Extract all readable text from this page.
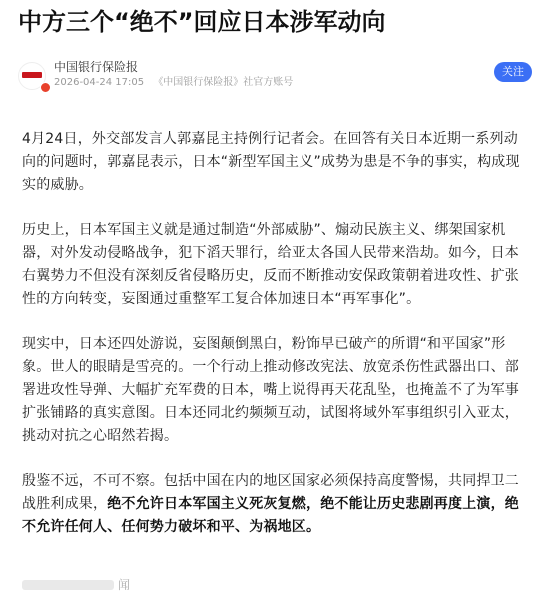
中方三个“绝不”回应日本涉军动向
中国银行保险报
2026-04-24 17:05 《中国银行保险报》社官方账号
关注

4月24日，外交部发言人郭嘉昆主持例行记者会。在回答有关日本近期一系列动向的问题时，郭嘉昆表示，日本“新型军国主义”成势为患是不争的事实，构成现实的威胁。

历史上，日本军国主义就是通过制造“外部威胁”、煽动民族主义、绑架国家机器，对外发动侵略战争，犯下滔天罪行，给亚太各国人民带来浩劫。如今，日本右翼势力不但没有深刻反省侵略历史，反而不断推动安保政策朝着进攻性、扩张性的方向转变，妄图通过重整军工复合体加速日本“再军事化”。

现实中，日本还四处游说，妄图颠倒黑白，粉饰早已破产的所谓“和平国家”形象。世人的眼睛是雪亮的。一个行动上推动修改宪法、放宽杀伤性武器出口、部署进攻性导弹、大幅扩充军费的日本，嘴上说得再天花乱坠，也掩盖不了为军事扩张铺路的真实意图。日本还同北约频频互动，试图将域外军事组织引入亚太，挑动对抗之心昭然若揭。

殷鉴不远，不可不察。包括中国在内的地区国家必须保持高度警惕，共同捍卫二战胜利成果，绝不允许日本军国主义死灰复燃，绝不能让历史悲剧再度上演，绝不允许任何人、任何势力破坏和平、为祸地区。

闻
